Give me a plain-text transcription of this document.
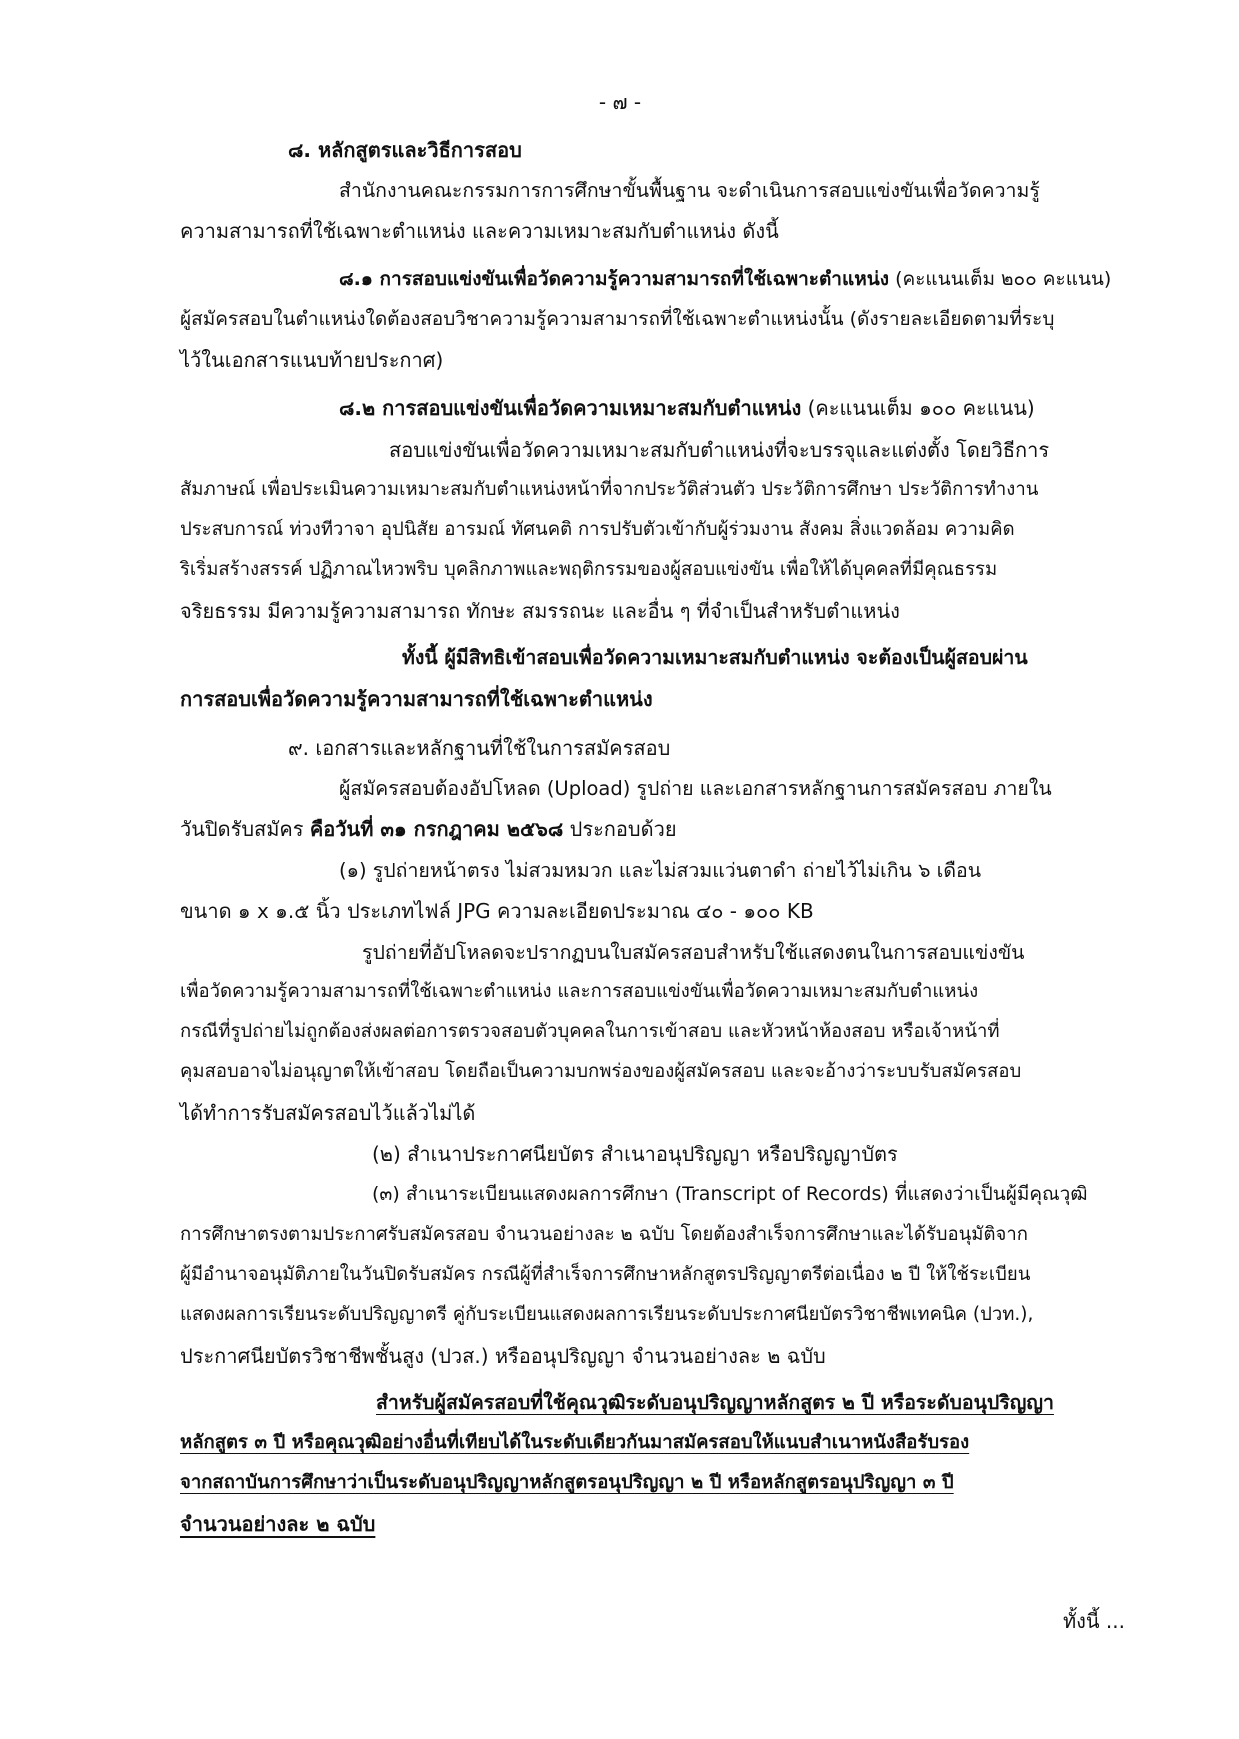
- ๗ -
๘. หลักสูตรและวิธีการสอบ
สำนักงานคณะกรรมการการศึกษาขั้นพื้นฐาน จะดำเนินการสอบแข่งขันเพื่อวัดความรู้
ความสามารถที่ใช้เฉพาะตำแหน่ง และความเหมาะสมกับตำแหน่ง ดังนี้
๘.๑ การสอบแข่งขันเพื่อวัดความรู้ความสามารถที่ใช้เฉพาะตำแหน่ง (คะแนนเต็ม ๒๐๐ คะแนน)
ผู้สมัครสอบในตำแหน่งใดต้องสอบวิชาความรู้ความสามารถที่ใช้เฉพาะตำแหน่งนั้น (ดังรายละเอียดตามที่ระบุ
ไว้ในเอกสารแนบท้ายประกาศ)
๘.๒ การสอบแข่งขันเพื่อวัดความเหมาะสมกับตำแหน่ง (คะแนนเต็ม ๑๐๐ คะแนน)
สอบแข่งขันเพื่อวัดความเหมาะสมกับตำแหน่งที่จะบรรจุและแต่งตั้ง โดยวิธีการ
สัมภาษณ์ เพื่อประเมินความเหมาะสมกับตำแหน่งหน้าที่จากประวัติส่วนตัว ประวัติการศึกษา ประวัติการทำงาน
ประสบการณ์ ท่วงทีวาจา อุปนิสัย อารมณ์ ทัศนคติ การปรับตัวเข้ากับผู้ร่วมงาน สังคม สิ่งแวดล้อม ความคิด
ริเริ่มสร้างสรรค์ ปฏิภาณไหวพริบ บุคลิกภาพและพฤติกรรมของผู้สอบแข่งขัน เพื่อให้ได้บุคคลที่มีคุณธรรม
จริยธรรม มีความรู้ความสามารถ ทักษะ สมรรถนะ และอื่น ๆ ที่จำเป็นสำหรับตำแหน่ง
ทั้งนี้ ผู้มีสิทธิเข้าสอบเพื่อวัดความเหมาะสมกับตำแหน่ง จะต้องเป็นผู้สอบผ่าน
การสอบเพื่อวัดความรู้ความสามารถที่ใช้เฉพาะตำแหน่ง
๙. เอกสารและหลักฐานที่ใช้ในการสมัครสอบ
ผู้สมัครสอบต้องอัปโหลด (Upload) รูปถ่าย และเอกสารหลักฐานการสมัครสอบ ภายใน
วันปิดรับสมัคร คือวันที่ ๓๑ กรกฎาคม ๒๕๖๘ ประกอบด้วย
(๑) รูปถ่ายหน้าตรง ไม่สวมหมวก และไม่สวมแว่นตาดำ ถ่ายไว้ไม่เกิน ๖ เดือน
ขนาด ๑ x ๑.๕ นิ้ว ประเภทไฟล์ JPG ความละเอียดประมาณ ๔๐ - ๑๐๐ KB
รูปถ่ายที่อัปโหลดจะปรากฏบนใบสมัครสอบสำหรับใช้แสดงตนในการสอบแข่งขัน
เพื่อวัดความรู้ความสามารถที่ใช้เฉพาะตำแหน่ง และการสอบแข่งขันเพื่อวัดความเหมาะสมกับตำแหน่ง
กรณีที่รูปถ่ายไม่ถูกต้องส่งผลต่อการตรวจสอบตัวบุคคลในการเข้าสอบ และหัวหน้าห้องสอบ หรือเจ้าหน้าที่
คุมสอบอาจไม่อนุญาตให้เข้าสอบ โดยถือเป็นความบกพร่องของผู้สมัครสอบ และจะอ้างว่าระบบรับสมัครสอบ
ได้ทำการรับสมัครสอบไว้แล้วไม่ได้
(๒) สำเนาประกาศนียบัตร สำเนาอนุปริญญา หรือปริญญาบัตร
(๓) สำเนาระเบียนแสดงผลการศึกษา (Transcript of Records) ที่แสดงว่าเป็นผู้มีคุณวุฒิ
การศึกษาตรงตามประกาศรับสมัครสอบ จำนวนอย่างละ ๒ ฉบับ โดยต้องสำเร็จการศึกษาและได้รับอนุมัติจาก
ผู้มีอำนาจอนุมัติภายในวันปิดรับสมัคร กรณีผู้ที่สำเร็จการศึกษาหลักสูตรปริญญาตรีต่อเนื่อง ๒ ปี ให้ใช้ระเบียน
แสดงผลการเรียนระดับปริญญาตรี คู่กับระเบียนแสดงผลการเรียนระดับประกาศนียบัตรวิชาชีพเทคนิค (ปวท.),
ประกาศนียบัตรวิชาชีพชั้นสูง (ปวส.) หรืออนุปริญญา จำนวนอย่างละ ๒ ฉบับ
สำหรับผู้สมัครสอบที่ใช้คุณวุฒิระดับอนุปริญญาหลักสูตร ๒ ปี หรือระดับอนุปริญญา
หลักสูตร ๓ ปี หรือคุณวุฒิอย่างอื่นที่เทียบได้ในระดับเดียวกันมาสมัครสอบให้แนบสำเนาหนังสือรับรอง
จากสถาบันการศึกษาว่าเป็นระดับอนุปริญญาหลักสูตรอนุปริญญา ๒ ปี หรือหลักสูตรอนุปริญญา ๓ ปี
จำนวนอย่างละ ๒ ฉบับ
ทั้งนี้ ...
